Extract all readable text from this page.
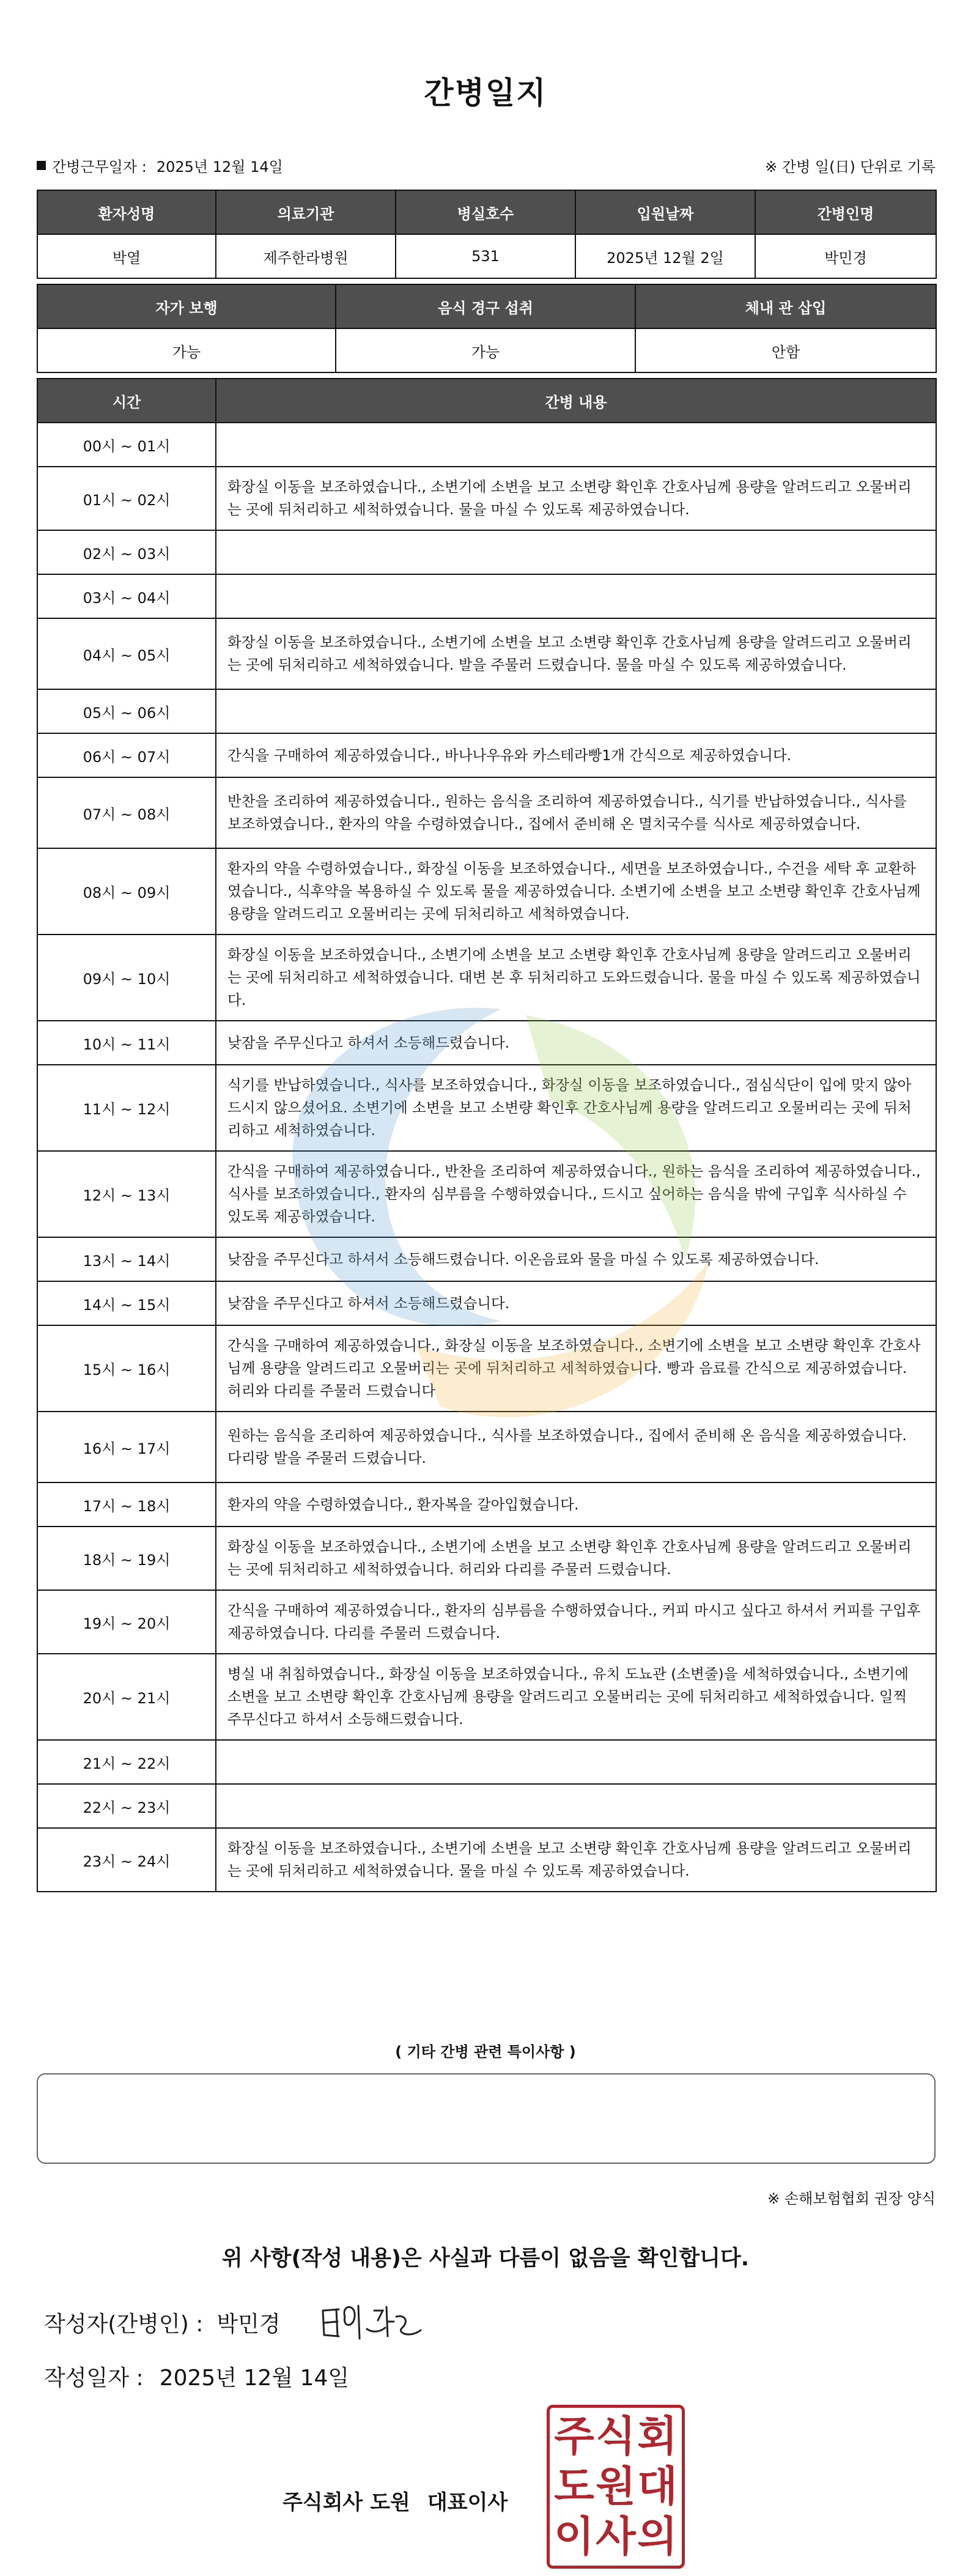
간병일지
간병근무일자 : 2025년 12월 14일	※ 간병 일(日) 단위로 기록
환자성명	의료기관	병실호수	입원날짜	간병인명
박열	제주한라병원	531	2025년 12월 2일	박민경
자가 보행	음식 경구 섭취	체내 관 삽입
가능	가능	안함
시간	간병 내용
00시 ~ 01시	
01시 ~ 02시	화장실 이동을 보조하였습니다., 소변기에 소변을 보고 소변량 확인후 간호사님께 용량을 알려드리고 오물버리는 곳에 뒤처리하고 세척하였습니다. 물을 마실 수 있도록 제공하였습니다.
02시 ~ 03시	
03시 ~ 04시	
04시 ~ 05시	화장실 이동을 보조하였습니다., 소변기에 소변을 보고 소변량 확인후 간호사님께 용량을 알려드리고 오물버리는 곳에 뒤처리하고 세척하였습니다. 발을 주물러 드렸습니다. 물을 마실 수 있도록 제공하였습니다.
05시 ~ 06시	
06시 ~ 07시	간식을 구매하여 제공하였습니다., 바나나우유와 카스테라빵1개 간식으로 제공하였습니다.
07시 ~ 08시	반찬을 조리하여 제공하였습니다., 원하는 음식을 조리하여 제공하였습니다., 식기를 반납하였습니다., 식사를 보조하였습니다., 환자의 약을 수령하였습니다., 집에서 준비해 온 멸치국수를 식사로 제공하였습니다.
08시 ~ 09시	환자의 약을 수령하였습니다., 화장실 이동을 보조하였습니다., 세면을 보조하였습니다., 수건을 세탁 후 교환하였습니다., 식후약을 복용하실 수 있도록 물을 제공하였습니다. 소변기에 소변을 보고 소변량 확인후 간호사님께 용량을 알려드리고 오물버리는 곳에 뒤처리하고 세척하였습니다.
09시 ~ 10시	화장실 이동을 보조하였습니다., 소변기에 소변을 보고 소변량 확인후 간호사님께 용량을 알려드리고 오물버리는 곳에 뒤처리하고 세척하였습니다. 대변 본 후 뒤처리하고 도와드렸습니다. 물을 마실 수 있도록 제공하였습니다.
10시 ~ 11시	낮잠을 주무신다고 하셔서 소등해드렸습니다.
11시 ~ 12시	식기를 반납하였습니다., 식사를 보조하였습니다., 화장실 이동을 보조하였습니다., 점심식단이 입에 맞지 않아 드시지 않으셨어요. 소변기에 소변을 보고 소변량 확인후 간호사님께 용량을 알려드리고 오물버리는 곳에 뒤처리하고 세척하였습니다.
12시 ~ 13시	간식을 구매하여 제공하였습니다., 반찬을 조리하여 제공하였습니다., 원하는 음식을 조리하여 제공하였습니다., 식사를 보조하였습니다., 환자의 심부름을 수행하였습니다., 드시고 싶어하는 음식을 밖에 구입후 식사하실 수 있도록 제공하였습니다.
13시 ~ 14시	낮잠을 주무신다고 하셔서 소등해드렸습니다. 이온음료와 물을 마실 수 있도록 제공하였습니다.
14시 ~ 15시	낮잠을 주무신다고 하셔서 소등해드렸습니다.
15시 ~ 16시	간식을 구매하여 제공하였습니다., 화장실 이동을 보조하였습니다., 소변기에 소변을 보고 소변량 확인후 간호사님께 용량을 알려드리고 오물버리는 곳에 뒤처리하고 세척하였습니다. 빵과 음료를 간식으로 제공하였습니다. 허리와 다리를 주물러 드렸습니다
16시 ~ 17시	원하는 음식을 조리하여 제공하였습니다., 식사를 보조하였습니다., 집에서 준비해 온 음식을 제공하였습니다. 다리랑 발을 주물러 드렸습니다.
17시 ~ 18시	환자의 약을 수령하였습니다., 환자복을 갈아입혔습니다.
18시 ~ 19시	화장실 이동을 보조하였습니다., 소변기에 소변을 보고 소변량 확인후 간호사님께 용량을 알려드리고 오물버리는 곳에 뒤처리하고 세척하였습니다. 허리와 다리를 주물러 드렸습니다.
19시 ~ 20시	간식을 구매하여 제공하였습니다., 환자의 심부름을 수행하였습니다., 커피 마시고 싶다고 하셔서 커피를 구입후 제공하였습니다. 다리를 주물러 드렸습니다.
20시 ~ 21시	병실 내 취침하였습니다., 화장실 이동을 보조하였습니다., 유치 도뇨관 (소변줄)을 세척하였습니다., 소변기에 소변을 보고 소변량 확인후 간호사님께 용량을 알려드리고 오물버리는 곳에 뒤처리하고 세척하였습니다. 일찍 주무신다고 하셔서 소등해드렸습니다.
21시 ~ 22시	
22시 ~ 23시	
23시 ~ 24시	화장실 이동을 보조하였습니다., 소변기에 소변을 보고 소변량 확인후 간호사님께 용량을 알려드리고 오물버리는 곳에 뒤처리하고 세척하였습니다. 물을 마실 수 있도록 제공하였습니다.
( 기타 간병 관련 특이사항 )
※ 손해보험협회 권장 양식
위 사항(작성 내용)은 사실과 다름이 없음을 확인합니다.
작성자(간병인) : 박민경
작성일자 : 2025년 12월 14일
주식회사 도원 대표이사
주 식 회
도 원 대
이 사 의
